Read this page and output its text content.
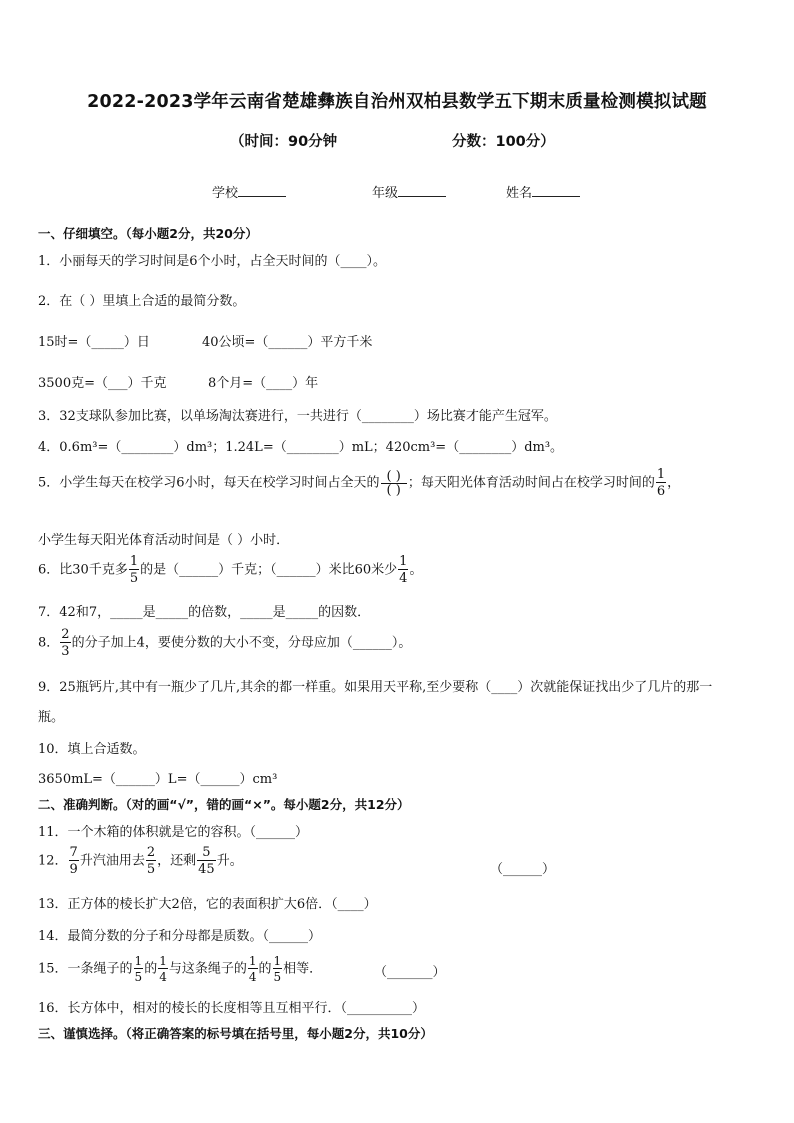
2022-2023学年云南省楚雄彝族自治州双柏县数学五下期末质量检测模拟试题
（时间：90分钟	分数：100分）
学校	年级	姓名
一、仔细填空。（每小题2分，共20分）
1．小丽每天的学习时间是6个小时，占全天时间的（____）。
2．在（ ）里填上合适的最简分数。
15时=（_____）日	40公顷=（______）平方千米
3500克=（___）千克	8个月=（____）年
3．32支球队参加比赛，以单场淘汰赛进行，一共进行（________）场比赛才能产生冠军。
4．0.6m³=（________）dm³；1.24L=（________）mL；420cm³=（________）dm³。
5．小学生每天在校学习6小时，每天在校学习时间占全天的 $\frac{( )}{( )}$ ；每天阳光体育活动时间占在校学习时间的 $\frac{1}{6}$ ，
小学生每天阳光体育活动时间是（ ）小时．
6．比30千克多 $\frac{1}{5}$ 的是（______）千克；（______）米比60米少 $\frac{1}{4}$ 。
7．42和7，_____是_____的倍数，_____是_____的因数．
8． $\frac{2}{3}$ 的分子加上4，要使分数的大小不变，分母应加（______）。
9．25瓶钙片,其中有一瓶少了几片,其余的都一样重。如果用天平称,至少要称（____）次就能保证找出少了几片的那一
瓶。
10．填上合适数。
3650mL=（______）L=（______）cm³
二、准确判断。（对的画“√”，错的画“×”。每小题2分，共12分）
11．一个木箱的体积就是它的容积。（______）
12． $\frac{7}{9}$ 升汽油用去 $\frac{2}{5}$ ，还剩 $\frac{5}{45}$ 升。
（______）
13．正方体的棱长扩大2倍，它的表面积扩大6倍．（____）
14．最简分数的分子和分母都是质数。（______）
15．一条绳子的 $\frac{1}{5}$ 的 $\frac{1}{4}$ 与这条绳子的 $\frac{1}{4}$ 的 $\frac{1}{5}$ 相等．	（_______）
16．长方体中，相对的棱长的长度相等且互相平行．（__________）
三、谨慎选择。（将正确答案的标号填在括号里，每小题2分，共10分）
